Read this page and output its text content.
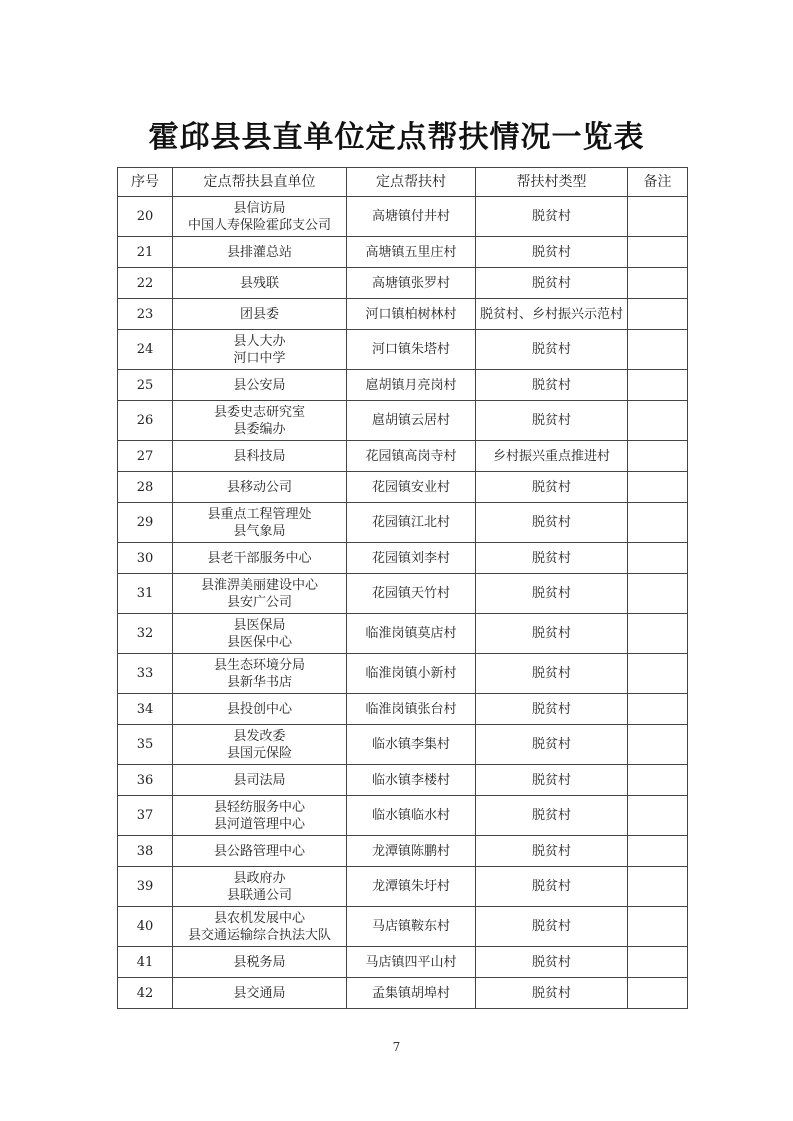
霍邱县县直单位定点帮扶情况一览表
序号	定点帮扶县直单位	定点帮扶村	帮扶村类型	备注
20	县信访局
中国人寿保险霍邱支公司	高塘镇付井村	脱贫村	
21	县排灌总站	高塘镇五里庄村	脱贫村	
22	县残联	高塘镇张罗村	脱贫村	
23	团县委	河口镇柏树林村	脱贫村、乡村振兴示范村	
24	县人大办
河口中学	河口镇朱塔村	脱贫村	
25	县公安局	扈胡镇月亮岗村	脱贫村	
26	县委史志研究室
县委编办	扈胡镇云居村	脱贫村	
27	县科技局	花园镇高岗寺村	乡村振兴重点推进村	
28	县移动公司	花园镇安业村	脱贫村	
29	县重点工程管理处
县气象局	花园镇江北村	脱贫村	
30	县老干部服务中心	花园镇刘李村	脱贫村	
31	县淮淠美丽建设中心
县安广公司	花园镇天竹村	脱贫村	
32	县医保局
县医保中心	临淮岗镇莫店村	脱贫村	
33	县生态环境分局
县新华书店	临淮岗镇小新村	脱贫村	
34	县投创中心	临淮岗镇张台村	脱贫村	
35	县发改委
县国元保险	临水镇李集村	脱贫村	
36	县司法局	临水镇李楼村	脱贫村	
37	县轻纺服务中心
县河道管理中心	临水镇临水村	脱贫村	
38	县公路管理中心	龙潭镇陈鹏村	脱贫村	
39	县政府办
县联通公司	龙潭镇朱圩村	脱贫村	
40	县农机发展中心
县交通运输综合执法大队	马店镇鞍东村	脱贫村	
41	县税务局	马店镇四平山村	脱贫村	
42	县交通局	孟集镇胡埠村	脱贫村	
7
